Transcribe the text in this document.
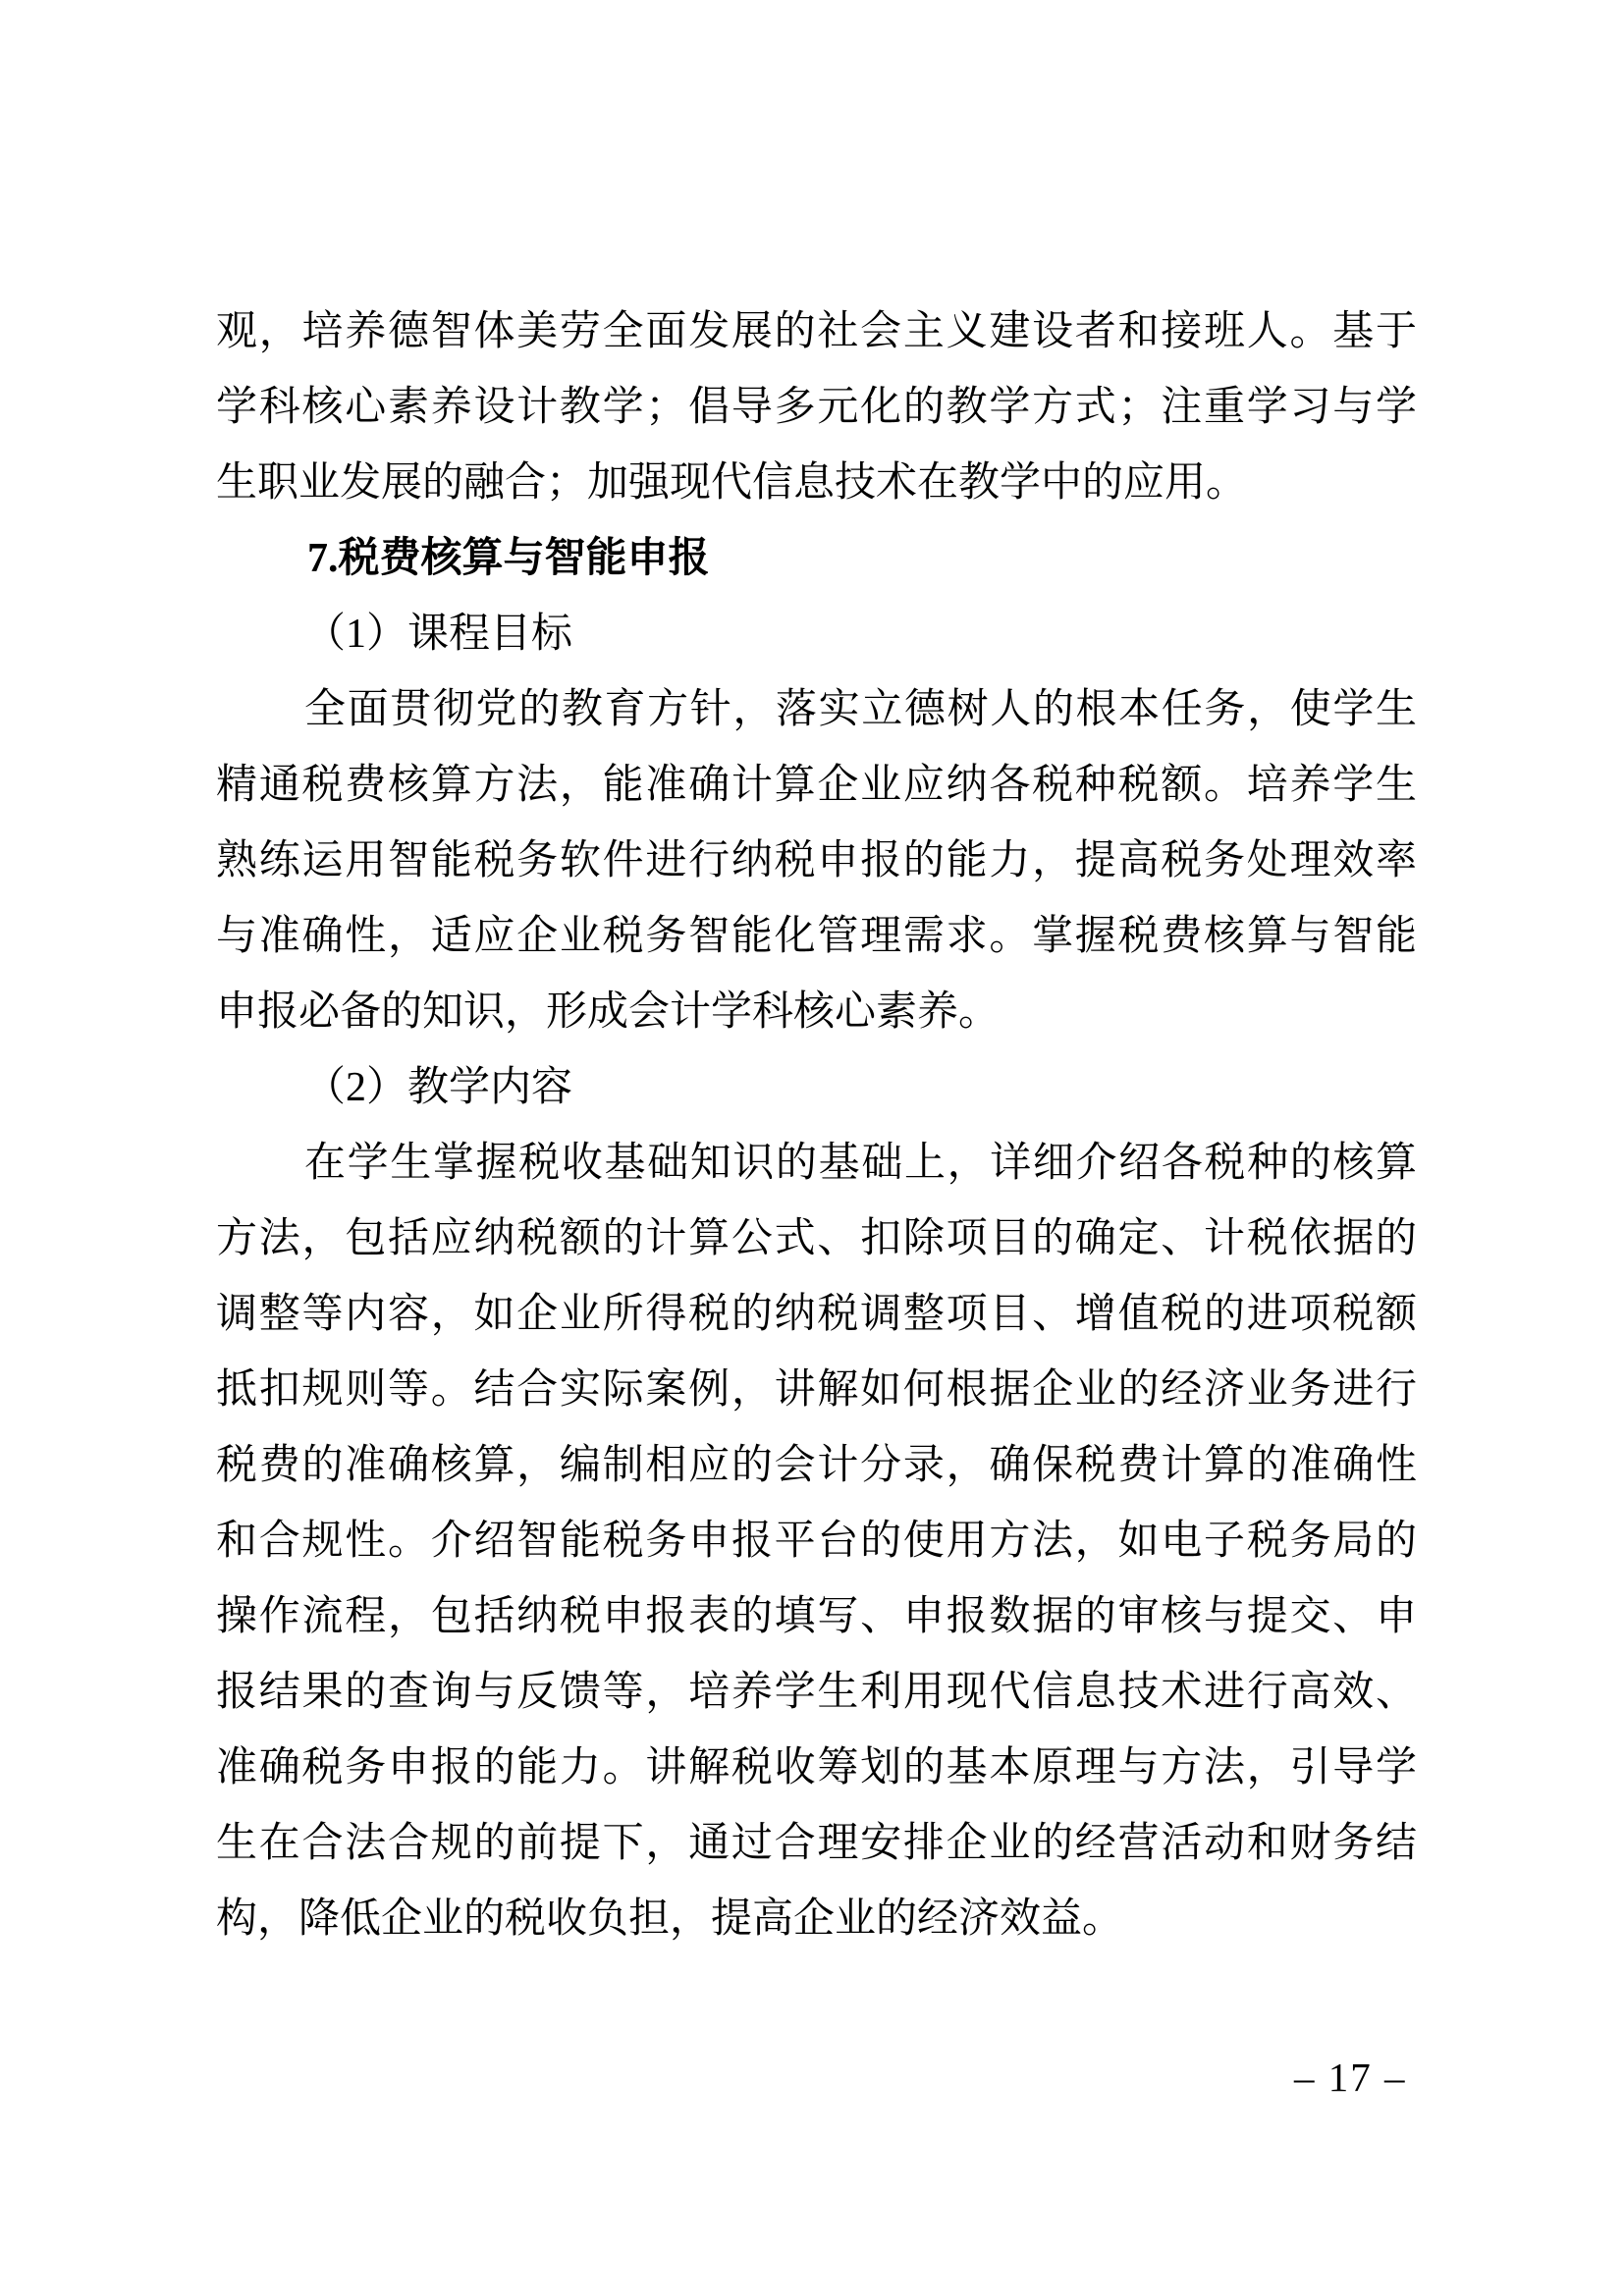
观，培养德智体美劳全面发展的社会主义建设者和接班人。基于
学科核心素养设计教学；倡导多元化的教学方式；注重学习与学
生职业发展的融合；加强现代信息技术在教学中的应用。
7.税费核算与智能申报
（1）课程目标
全面贯彻党的教育方针，落实立德树人的根本任务，使学生
精通税费核算方法，能准确计算企业应纳各税种税额。培养学生
熟练运用智能税务软件进行纳税申报的能力，提高税务处理效率
与准确性，适应企业税务智能化管理需求。掌握税费核算与智能
申报必备的知识，形成会计学科核心素养。
（2）教学内容
在学生掌握税收基础知识的基础上，详细介绍各税种的核算
方法，包括应纳税额的计算公式、扣除项目的确定、计税依据的
调整等内容，如企业所得税的纳税调整项目、增值税的进项税额
抵扣规则等。结合实际案例，讲解如何根据企业的经济业务进行
税费的准确核算，编制相应的会计分录，确保税费计算的准确性
和合规性。介绍智能税务申报平台的使用方法，如电子税务局的
操作流程，包括纳税申报表的填写、申报数据的审核与提交、申
报结果的查询与反馈等，培养学生利用现代信息技术进行高效、
准确税务申报的能力。讲解税收筹划的基本原理与方法，引导学
生在合法合规的前提下，通过合理安排企业的经营活动和财务结
构，降低企业的税收负担，提高企业的经济效益。
– 17 –
